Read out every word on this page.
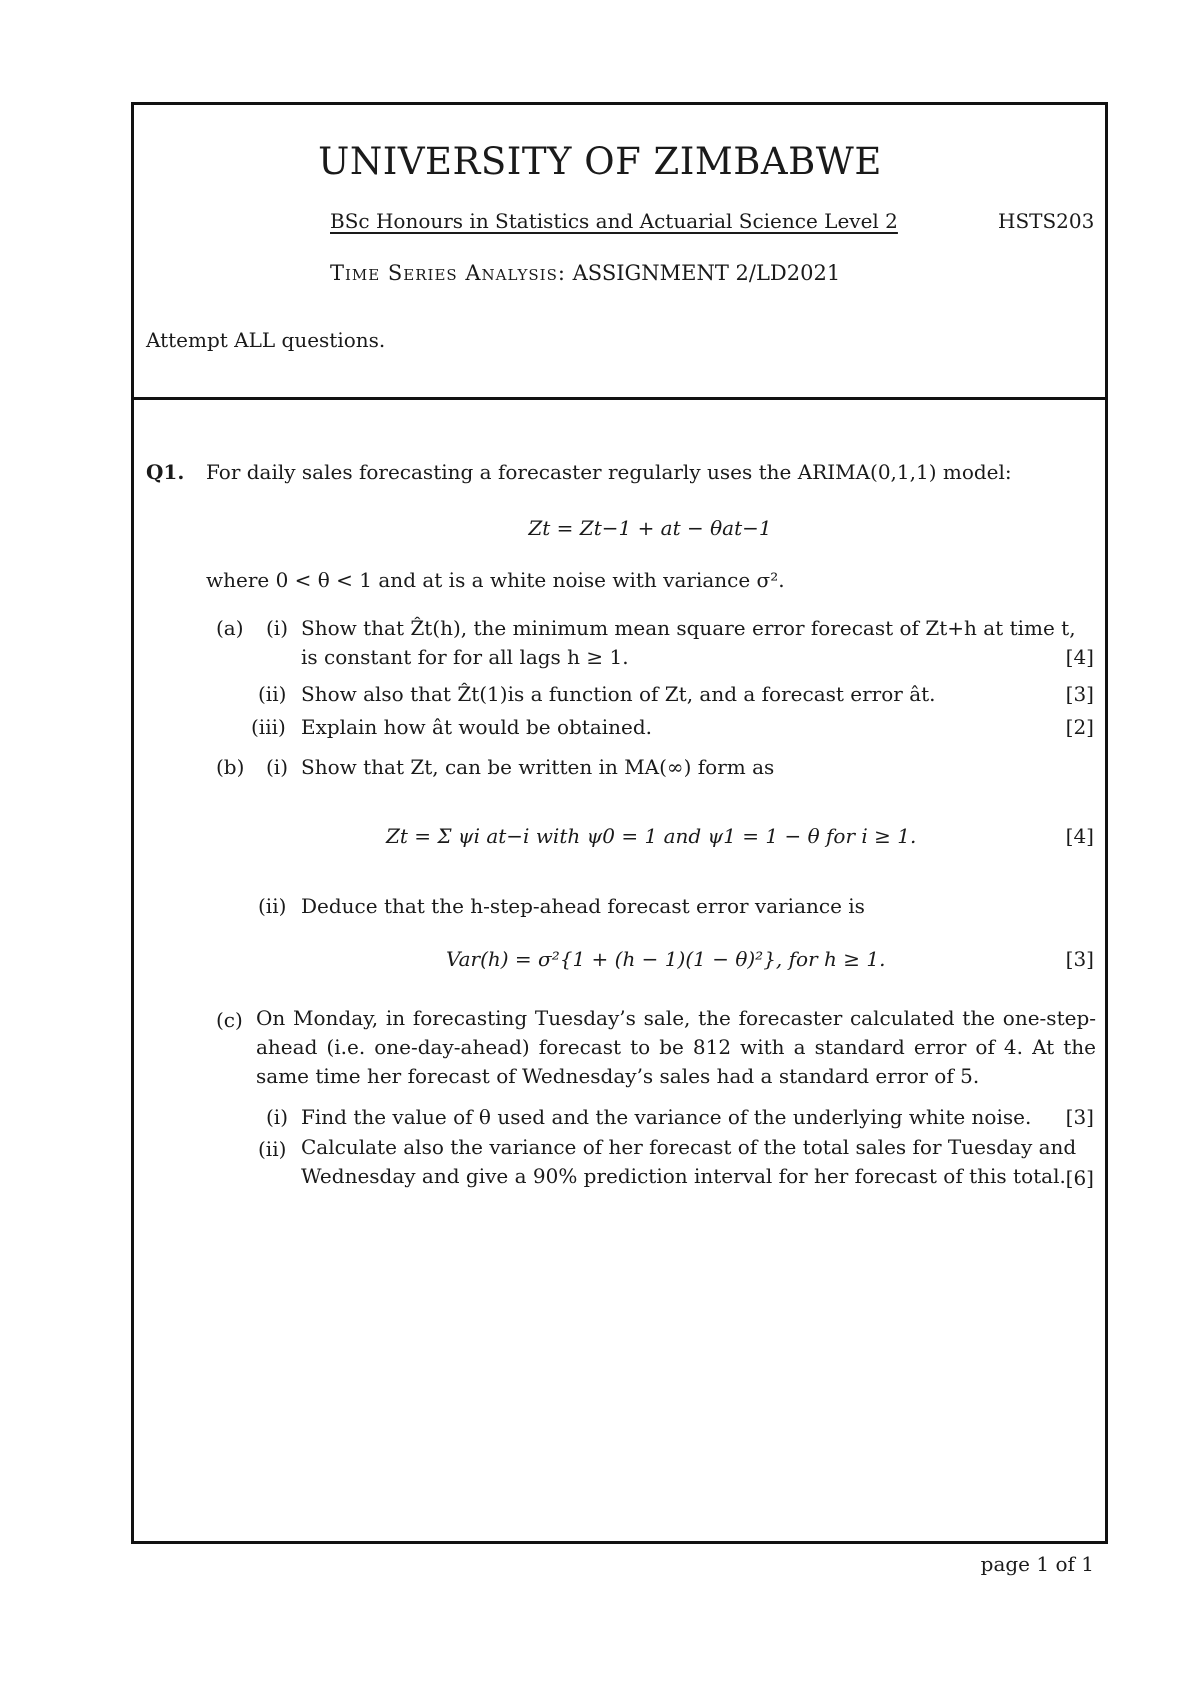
UNIVERSITY OF ZIMBABWE
BSc Honours in Statistics and Actuarial Science Level 2	HSTS203
Time Series Analysis: ASSIGNMENT 2/LD2021
Attempt ALL questions.
Q1. For daily sales forecasting a forecaster regularly uses the ARIMA(0,1,1) model:
Zt = Zt−1 + at − θat−1
where 0 < θ < 1 and at is a white noise with variance σ².
(a) (i) Show that Ẑt(h), the minimum mean square error forecast of Zt+h at time t,
is constant for for all lags h ≥ 1.	[4]
(ii) Show also that Ẑt(1)is a function of Zt, and a forecast error ât.	[3]
(iii) Explain how ât would be obtained.	[2]
(b) (i) Show that Zt, can be written in MA(∞) form as
Zt = Σ ψi at−i with ψ0 = 1 and ψ1 = 1 − θ for i ≥ 1.	[4]
(ii) Deduce that the h-step-ahead forecast error variance is
Var(h) = σ²{1 + (h − 1)(1 − θ)²}, for h ≥ 1.	[3]
(c) On Monday, in forecasting Tuesday’s sale, the forecaster calculated the one-step-ahead (i.e. one-day-ahead) forecast to be 812 with a standard error of 4. At the same time her forecast of Wednesday’s sales had a standard error of 5.
(i) Find the value of θ used and the variance of the underlying white noise. [3]
(ii) Calculate also the variance of her forecast of the total sales for Tuesday and Wednesday and give a 90% prediction interval for her forecast of this total. [6]
page 1 of 1
